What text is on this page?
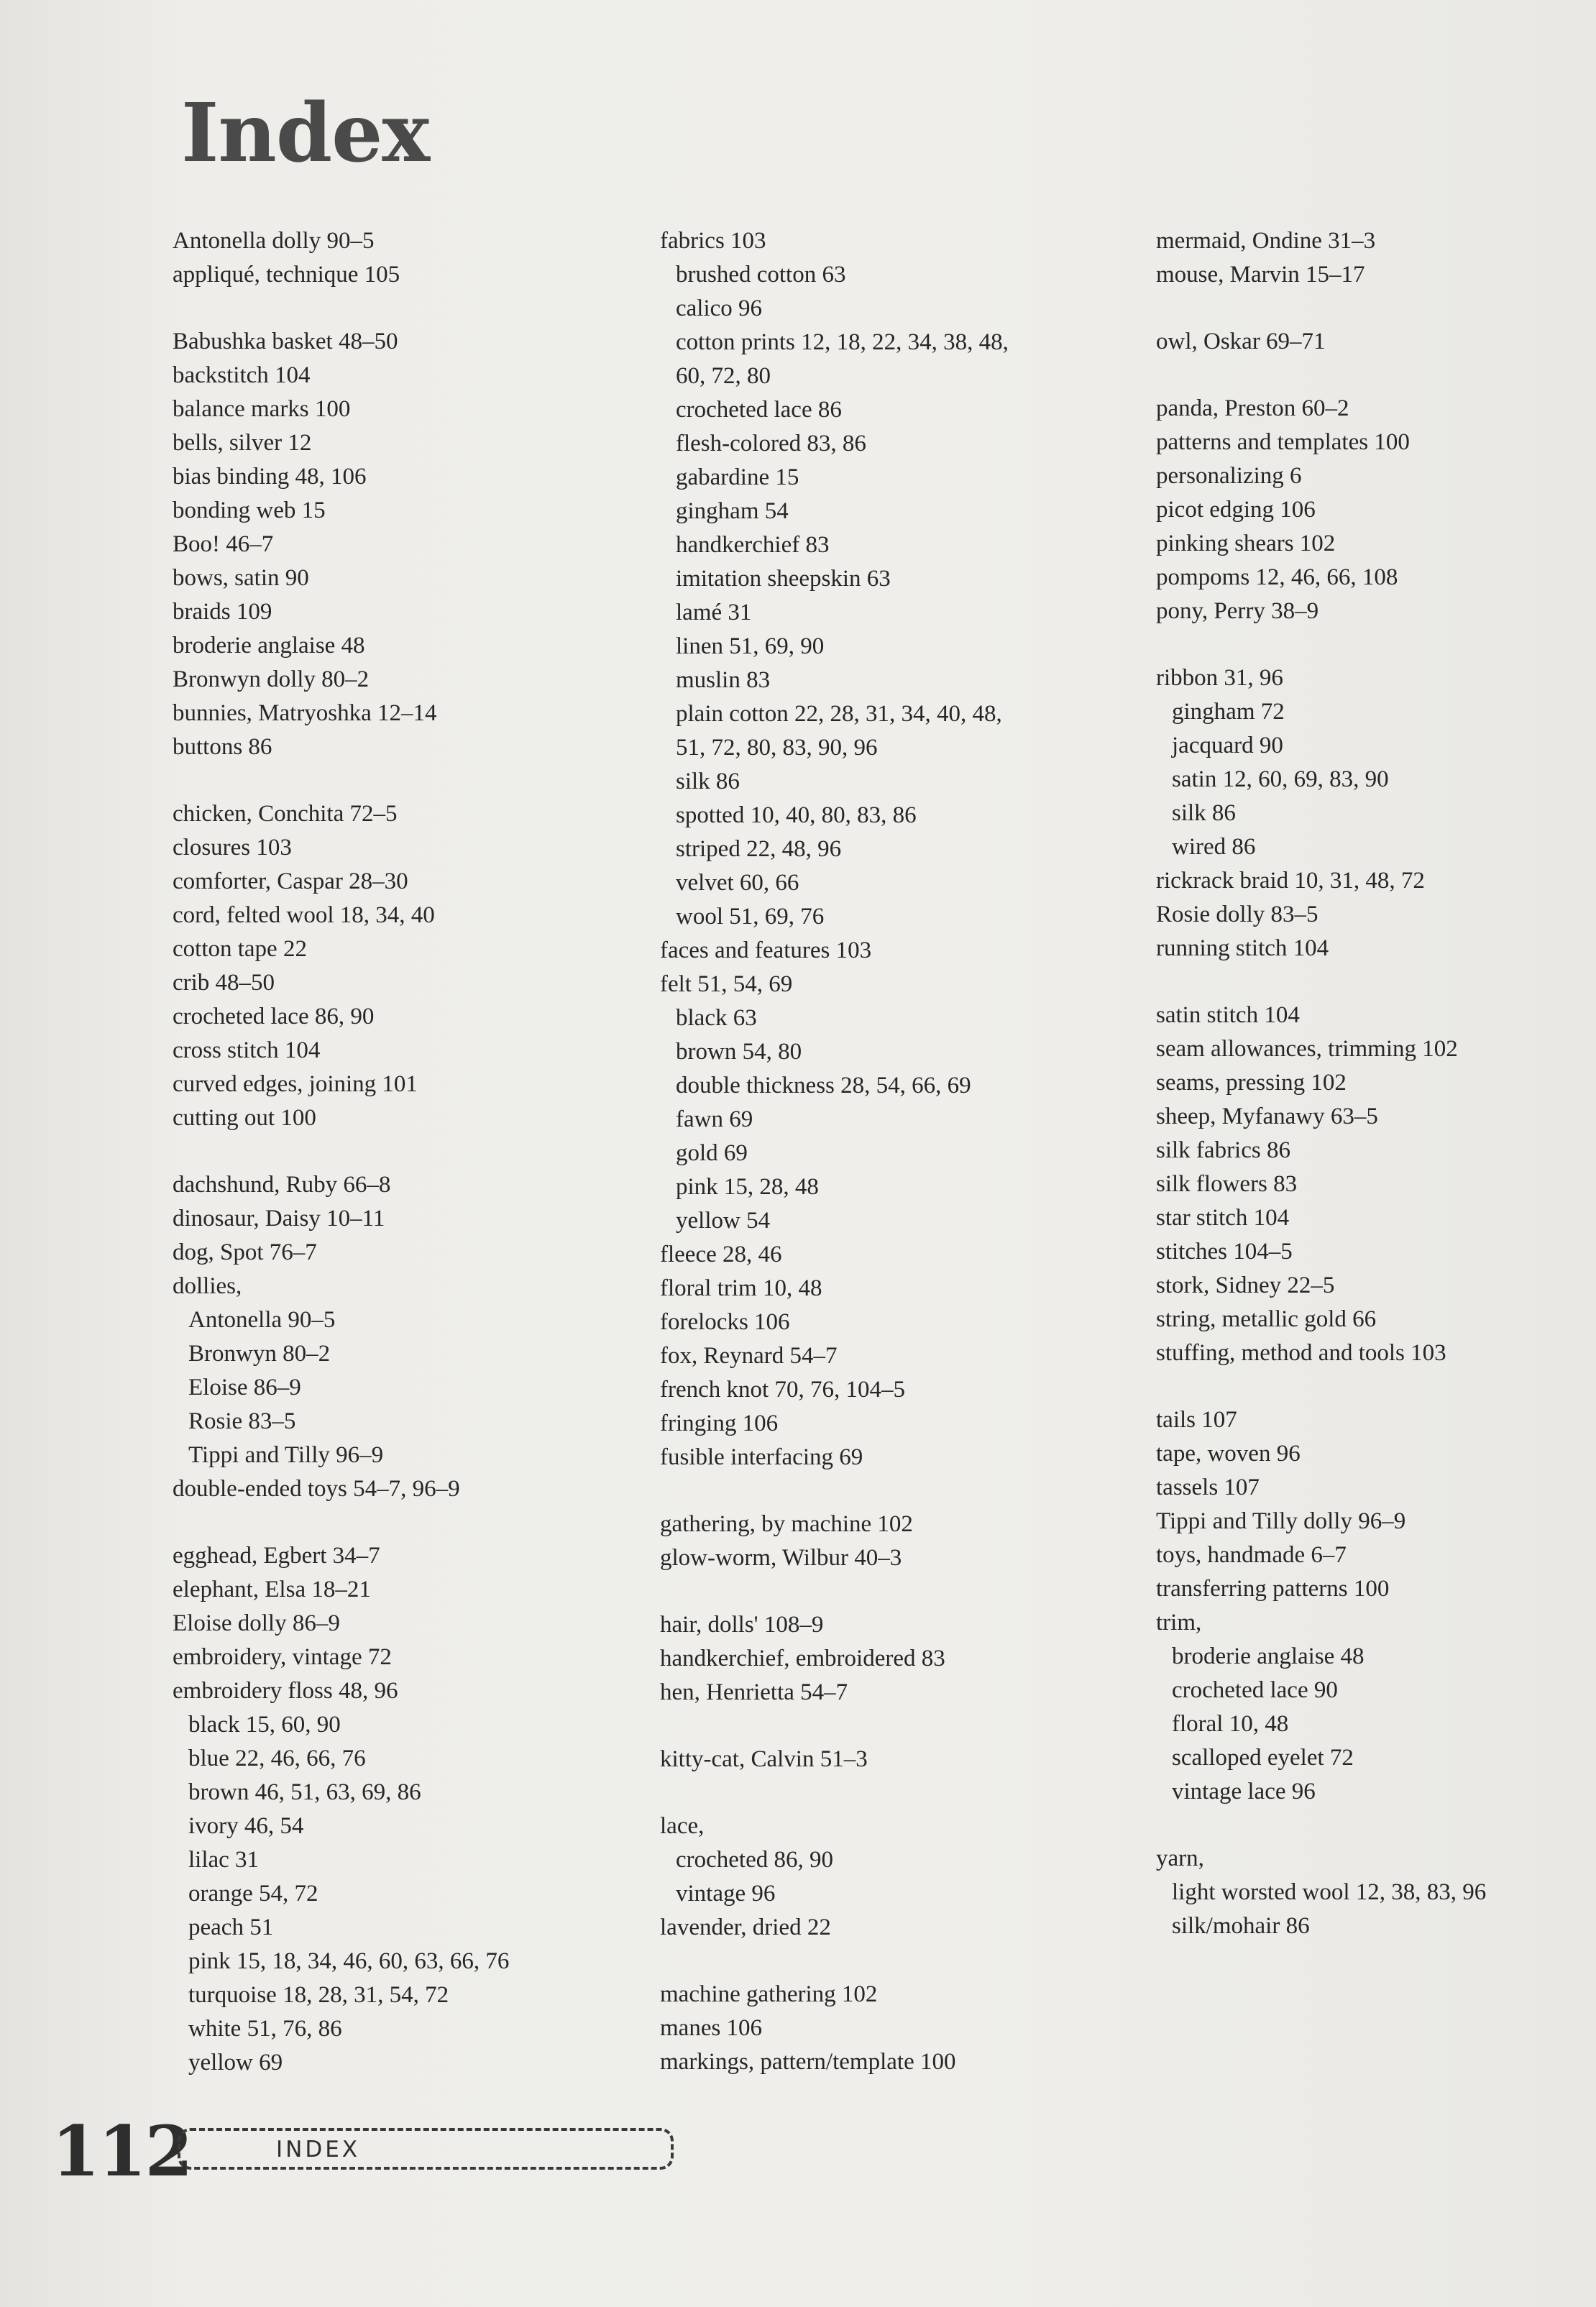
Index
Antonella dolly 90–5
appliqué, technique 105
Babushka basket 48–50
backstitch 104
balance marks 100
bells, silver 12
bias binding 48, 106
bonding web 15
Boo! 46–7
bows, satin 90
braids 109
broderie anglaise 48
Bronwyn dolly 80–2
bunnies, Matryoshka 12–14
buttons 86
chicken, Conchita 72–5
closures 103
comforter, Caspar 28–30
cord, felted wool 18, 34, 40
cotton tape 22
crib 48–50
crocheted lace 86, 90
cross stitch 104
curved edges, joining 101
cutting out 100
dachshund, Ruby 66–8
dinosaur, Daisy 10–11
dog, Spot 76–7
dollies,
Antonella 90–5
Bronwyn 80–2
Eloise 86–9
Rosie 83–5
Tippi and Tilly 96–9
double-ended toys 54–7, 96–9
egghead, Egbert 34–7
elephant, Elsa 18–21
Eloise dolly 86–9
embroidery, vintage 72
embroidery floss 48, 96
black 15, 60, 90
blue 22, 46, 66, 76
brown 46, 51, 63, 69, 86
ivory 46, 54
lilac 31
orange 54, 72
peach 51
pink 15, 18, 34, 46, 60, 63, 66, 76
turquoise 18, 28, 31, 54, 72
white 51, 76, 86
yellow 69
fabrics 103
brushed cotton 63
calico 96
cotton prints 12, 18, 22, 34, 38, 48,
60, 72, 80
crocheted lace 86
flesh-colored 83, 86
gabardine 15
gingham 54
handkerchief 83
imitation sheepskin 63
lamé 31
linen 51, 69, 90
muslin 83
plain cotton 22, 28, 31, 34, 40, 48,
51, 72, 80, 83, 90, 96
silk 86
spotted 10, 40, 80, 83, 86
striped 22, 48, 96
velvet 60, 66
wool 51, 69, 76
faces and features 103
felt 51, 54, 69
black 63
brown 54, 80
double thickness 28, 54, 66, 69
fawn 69
gold 69
pink 15, 28, 48
yellow 54
fleece 28, 46
floral trim 10, 48
forelocks 106
fox, Reynard 54–7
french knot 70, 76, 104–5
fringing 106
fusible interfacing 69
gathering, by machine 102
glow-worm, Wilbur 40–3
hair, dolls' 108–9
handkerchief, embroidered 83
hen, Henrietta 54–7
kitty-cat, Calvin 51–3
lace,
crocheted 86, 90
vintage 96
lavender, dried 22
machine gathering 102
manes 106
markings, pattern/template 100
mermaid, Ondine 31–3
mouse, Marvin 15–17
owl, Oskar 69–71
panda, Preston 60–2
patterns and templates 100
personalizing 6
picot edging 106
pinking shears 102
pompoms 12, 46, 66, 108
pony, Perry 38–9
ribbon 31, 96
gingham 72
jacquard 90
satin 12, 60, 69, 83, 90
silk 86
wired 86
rickrack braid 10, 31, 48, 72
Rosie dolly 83–5
running stitch 104
satin stitch 104
seam allowances, trimming 102
seams, pressing 102
sheep, Myfanawy 63–5
silk fabrics 86
silk flowers 83
star stitch 104
stitches 104–5
stork, Sidney 22–5
string, metallic gold 66
stuffing, method and tools 103
tails 107
tape, woven 96
tassels 107
Tippi and Tilly dolly 96–9
toys, handmade 6–7
transferring patterns 100
trim,
broderie anglaise 48
crocheted lace 90
floral 10, 48
scalloped eyelet 72
vintage lace 96
yarn,
light worsted wool 12, 38, 83, 96
silk/mohair 86
112	INDEX
